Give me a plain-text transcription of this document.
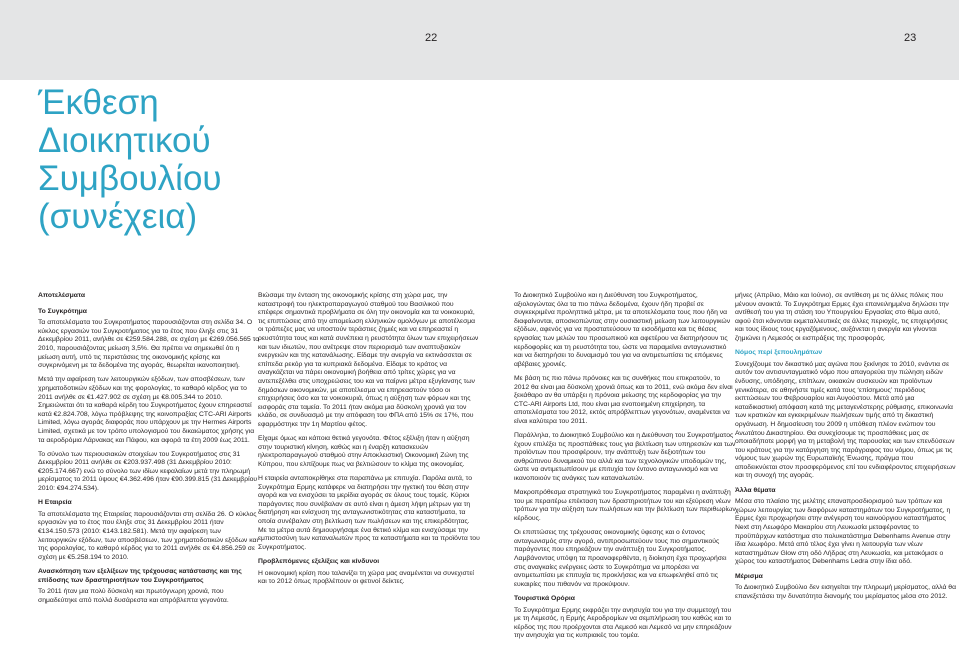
22	23
Έκθεση
Διοικητικού
Συμβουλίου
(συνέχεια)
Αποτελέσματα
Το Συγκρότημα

Τα αποτελέσματα του Συγκροτήματος παρουσιάζονται στη σελίδα 34. Ο κύκλος εργασιών του Συγκροτήματος για το έτος που έληξε στις 31 Δεκεμβρίου 2011, ανήλθε σε €259.584.288, σε σχέση με €269.056.565 το 2010, παρουσιάζοντας μείωση 3,5%. Θα πρέπει να σημειωθεί ότι η μείωση αυτή, υπό τις περιστάσεις της οικονομικής κρίσης και συγκρινόμενη με τα δεδομένα της αγοράς, θεωρείται ικανοποιητική.

Μετά την αφαίρεση των λειτουργικών εξόδων, των αποσβέσεων, των χρηματοδοτικών εξόδων και της φορολογίας, το καθαρό κέρδος για το 2011 ανήλθε σε €1.427.902 σε σχέση με €8.005.344 το 2010. Σημειώνεται ότι τα καθαρά κέρδη του Συγκροτήματος έχουν επηρεαστεί κατά €2.824.708, λόγω πρόβλεψης της κοινοπραξίας CTC-ARI Airports Limited, λόγω αγοράς διαφοράς που υπάρχουν με την Hermes Airports Limited, σχετικά με τον τρόπο υπολογισμού του δικαιώματος χρήσης για τα αεροδρόμια Λάρνακας και Πάφου, και αφορά τα έτη 2009 έως 2011.

Το σύνολο των περιουσιακών στοιχείων του Συγκροτήματος στις 31 Δεκεμβρίου 2011 ανήλθε σε €203.937.498 (31 Δεκεμβρίου 2010: €205.174.667) ενώ το σύνολο των ιδίων κεφαλαίων μετά την πληρωμή μερίσματος το 2011 ύψους €4.362.496 ήταν €90.399.815 (31 Δεκεμβρίου 2010: €94.274.534).

Η Εταιρεία

Τα αποτελέσματα της Εταιρείας παρουσιάζονται στη σελίδα 26. Ο κύκλος εργασιών για το έτος που έληξε στις 31 Δεκεμβρίου 2011 ήταν €134.150.573 (2010: €143.182.581). Μετά την αφαίρεση των λειτουργικών εξόδων, των αποσβέσεων, των χρηματοδοτικών εξόδων και της φορολογίας, το καθαρό κέρδος για το 2011 ανήλθε σε €4.856.259 σε σχέση με €5.258.194 το 2010.

Ανασκόπηση των εξελίξεων της τρέχουσας κατάστασης και της επίδοσης των δραστηριοτήτων του Συγκροτήματος

Το 2011 ήταν μια πολύ δύσκολη και πρωτόγνωρη χρονιά, που σημαδεύτηκε από πολλά δυσάρεστα και απρόβλεπτα γεγονότα.

Βιώσαμε την ένταση της οικονομικής κρίσης στη χώρα μας, την καταστροφή του ηλεκτροπαραγωγού σταθμού του Βασιλικού που επέφερε σημαντικά προβλήματα σε όλη την οικονομία και τα νοικοκυριά, τις επιπτώσεις από την απομείωση ελληνικών ομολόγων με αποτέλεσμα οι τράπεζες μας να υποστούν τεράστιες ζημιές και να επηρεαστεί η ρευστότητα τους και κατά συνέπεια η ρευστότητα όλων των επιχειρήσεων και των ιδιωτών, που ανέτρεψε στον περιορισμό των αναπτυξιακών ενεργειών και της κατανάλωσης. Είδαμε την ανεργία να εκτινάσσεται σε επίπεδα ρεκόρ για τα κυπριακά δεδομένα. Είδαμε το κράτος να αναγκάζεται να πάρει οικονομική βοήθεια από τρίτες χώρες για να αντεπεξέλθει στις υποχρεώσεις του και να παίρνει μέτρα εξυγίανσης των δημόσιων οικονομικών, με αποτέλεσμα να επηρεαστούν τόσο οι επιχειρήσεις όσο και τα νοικοκυριά, όπως η αύξηση των φόρων και της εισφοράς στα ταμεία. Το 2011 ήταν ακόμα μια δύσκολη χρονιά για τον κλάδο, σε συνδυασμό με την απόφαση του ΦΠΑ από 15% σε 17%, που εφαρμόστηκε την 1η Μαρτίου φέτος.

Είχαμε όμως και κάποια θετικά γεγονότα. Φέτος εξέλιξη ήταν η αύξηση στην τουριστική κίνηση, καθώς και η έναρξη κατασκευών ηλεκτροπαραγωγού σταθμού στην Αποκλειστική Οικονομική Ζώνη της Κύπρου, που ελπίζουμε πως να βελτιώσουν το κλίμα της οικονομίας.

Η εταιρεία ανταποκρίθηκε στα παραπάνω με επιτυχία. Παρόλα αυτά, το Συγκρότημα Ερμης κατάφερε να διατηρήσει την ηγετική του θέση στην αγορά και να ενισχύσει τα μερίδια αγοράς σε όλους τους τομείς. Κύριοι παράγοντες που συνέβαλαν σε αυτό είναι η άμεση λήψη μέτρων για τη διατήρηση και ενίσχυση της ανταγωνιστικότητας στα καταστήματα, τα οποία συνέβαλαν στη βελτίωση των πωλήσεων και της επικερδότητας. Με τα μέτρα αυτά δημιουργήσαμε ένα θετικό κλίμα και ενισχύσαμε την εμπιστοσύνη των καταναλωτών προς τα καταστήματα και τα προϊόντα του Συγκροτήματος.

Προβλεπόμενες εξελίξεις και κίνδυνοι

Η οικονομική κρίση που ταλανίζει τη χώρα μας αναμένεται να συνεχιστεί και το 2012 όπως προβλέπουν οι φετινοί δείκτες.

Το Διοικητικό Συμβούλιο και η Διεύθυνση του Συγκροτήματος, αξιολογώντας όλα τα πιο πάνω δεδομένα, έχουν ήδη προβεί σε συγκεκριμένα προληπτικά μέτρα, με τα αποτελέσματα τους που ήδη να διαφαίνονται, αποσκοπώντας στην ουσιαστική μείωση των λειτουργικών εξόδων, αφενός για να προστατεύσουν τα εισοδήματα και τις θέσεις εργασίας των μελών του προσωπικού και αφετέρου να διατηρήσουν τις κερδοφορίες και τη ρευστότητα του, ώστε να παραμείνει ανταγωνιστικό και να διατηρήσει το δυναμισμό του για να αντιμετωπίσει τις επόμενες αβέβαιες χρονιές.

Με βάση τις πιο πάνω πρόνοιες και τις συνθήκες που επικρατούν, το 2012 θα είναι μια δύσκολη χρονιά όπως και το 2011, ενώ ακόμα δεν είναι ξεκάθαρο αν θα υπάρξει η πρόνοια μείωσης της κερδοφορίας για την CTC-ARI Airports Ltd, που είναι μια ενοποιημένη επιχείρηση, τα αποτελέσματα του 2012, εκτός απρόβλεπτων γεγονότων, αναμένεται να είναι καλύτερα του 2011.

Παράλληλα, το Διοικητικό Συμβούλιο και η Διεύθυνση του Συγκροτήματος έχουν επιλέξει τις προσπάθειες τους για βελτίωση των υπηρεσιών και των προϊόντων που προσφέρουν, την ανάπτυξη των δεξιοτήτων του ανθρώπινου δυναμικού του αλλά και των τεχνολογικών υποδομών της, ώστε να αντιμετωπίσουν με επιτυχία τον έντονο ανταγωνισμό και να ικανοποιούν τις ανάγκες των καταναλωτών.

Μακροπρόθεσμα στρατηγικά του Συγκροτήματος παραμένει η ανάπτυξη του με περαιτέρω επέκταση των δραστηριοτήτων του και εξεύρεση νέων τρόπων για την αύξηση των πωλήσεων και την βελτίωση των περιθωρίων κέρδους.

Οι επιπτώσεις της τρέχουσας οικονομικής ύφεσης και ο έντονος ανταγωνισμός στην αγορά, αντιπροσωπεύουν τους πιο σημαντικούς παράγοντες που επηρεάζουν την ανάπτυξη του Συγκροτήματος. Λαμβάνοντας υπόψη τα προαναφερθέντα, η διοίκηση έχει προχωρήσει στις αναγκαίες ενέργειες ώστε το Συγκρότημα να μπορέσει να αντιμετωπίσει με επιτυχία τις προκλήσεις και να επωφεληθεί από τις ευκαιρίες που πιθανόν να προκύψουν.

Τουριστικά Ορόρια

Το Συγκρότημα Ερμης εκφράζει την ανησυχία του για την συμμετοχή του με τη Λεμεσός, η Ερμής Αεροδρομίων να σεμπλήρωση του καθώς και το κέρδος της που προέρχονται στα Λεμεσό και Λεμεσό να μην επηρεάζουν την ανησυχία για τις κυπριακές του τομέα.

μήνες (Απρίλιο, Μάιο και Ιούνιο), σε αντίθεση με τις άλλες πόλεις που μένουν ανοικτά. Το Συγκρότημα Ερμες έχει επανειλημμένα δηλώσει την αντίθεσή του για τη στάση του Υπουργείου Εργασίας στο θέμα αυτό, αφού έτσι κάνονται εκμεταλλευτικές σε άλλες περιοχές, τις επιχειρήσεις και τους ίδιους τους εργαζόμενους, αυξάνεται η ανεργία και γίνονται ζημιώνει η Λεμεσός οι εισπράξεις της προσφοράς.

Νόμος περί ξεπουλημάτων

Συνεχίζουμε τον δικαστικό μας αγώνα που ξεκίνησε το 2010, ενάντια σε αυτόν τον αντισυνταγματικό νόμο που απαγορεύει την πώληση ειδών ένδυσης, υπόδησης, επίπλων, οικιακών συσκευών και προϊόντων γενικότερα, σε αθηνήστε τιμές κατά τους ‘επίσημους’ περιόδους εκπτώσεων του Φεβρουαρίου και Αυγούστου. Μετά από μια καταδικαστική απόφαση κατά της μεταγενέστερης ρύθμισης, επικοινωνία των κρατικών και εγκεκριμένων πωλήσεων τιμής από τη δικαστική οργάνωση. Η δημοσίευση του 2009 η υπόθεση πλέον ενώπιον του Ανωτάτου Δικαστηρίου. Θα συνεχίσουμε τις προσπάθειες μας σε οποιαδήποτε μορφή για τη μεταβολή της παρουσίας και των επενδύσεων του κράτους για την κατάργηση της παράγραφος του νόμου, όπως με τις νόμους των χωρών της Ευρωπαϊκής Ένωσης, πράγμα που αποδεικνύεται στον προσφερόμενος επί του ενδιαφέροντος επιχειρήσεων και τη συνοχή της αγοράς.

Άλλα θέματα

Μέσα στο πλαίσιο της μελέτης επαναπροσδιορισμού των τρόπων και χώρων λειτουργίας των διαφόρων καταστημάτων του Συγκροτήματος, η Ερμες έχει προχωρήσει στην ανέγερση του καινούργιου καταστήματος Next στη Λεωφόρο Μακαρίου στη Λευκωσία μεταφέροντας το προϋπάρχων κατάστημα στο πολυκατάστημα Debenhams Avenue στην ίδια λεωφόρο. Μετά από τέλος έχει γίνει η λειτουργία των νέων καταστημάτων Glow στη οδό Λήδρας στη Λευκωσία, και μετακόμισε ο χώρος του καταστήματος Debenhams Ledra στην ίδια οδό.

Μέρισμα

Το Διοικητικό Συμβούλιο δεν εισηγείται την πληρωμή μερίσματος, αλλά θα επανεξετάσει την δυνατότητα διανομής του μερίσματος μέσα στο 2012.
